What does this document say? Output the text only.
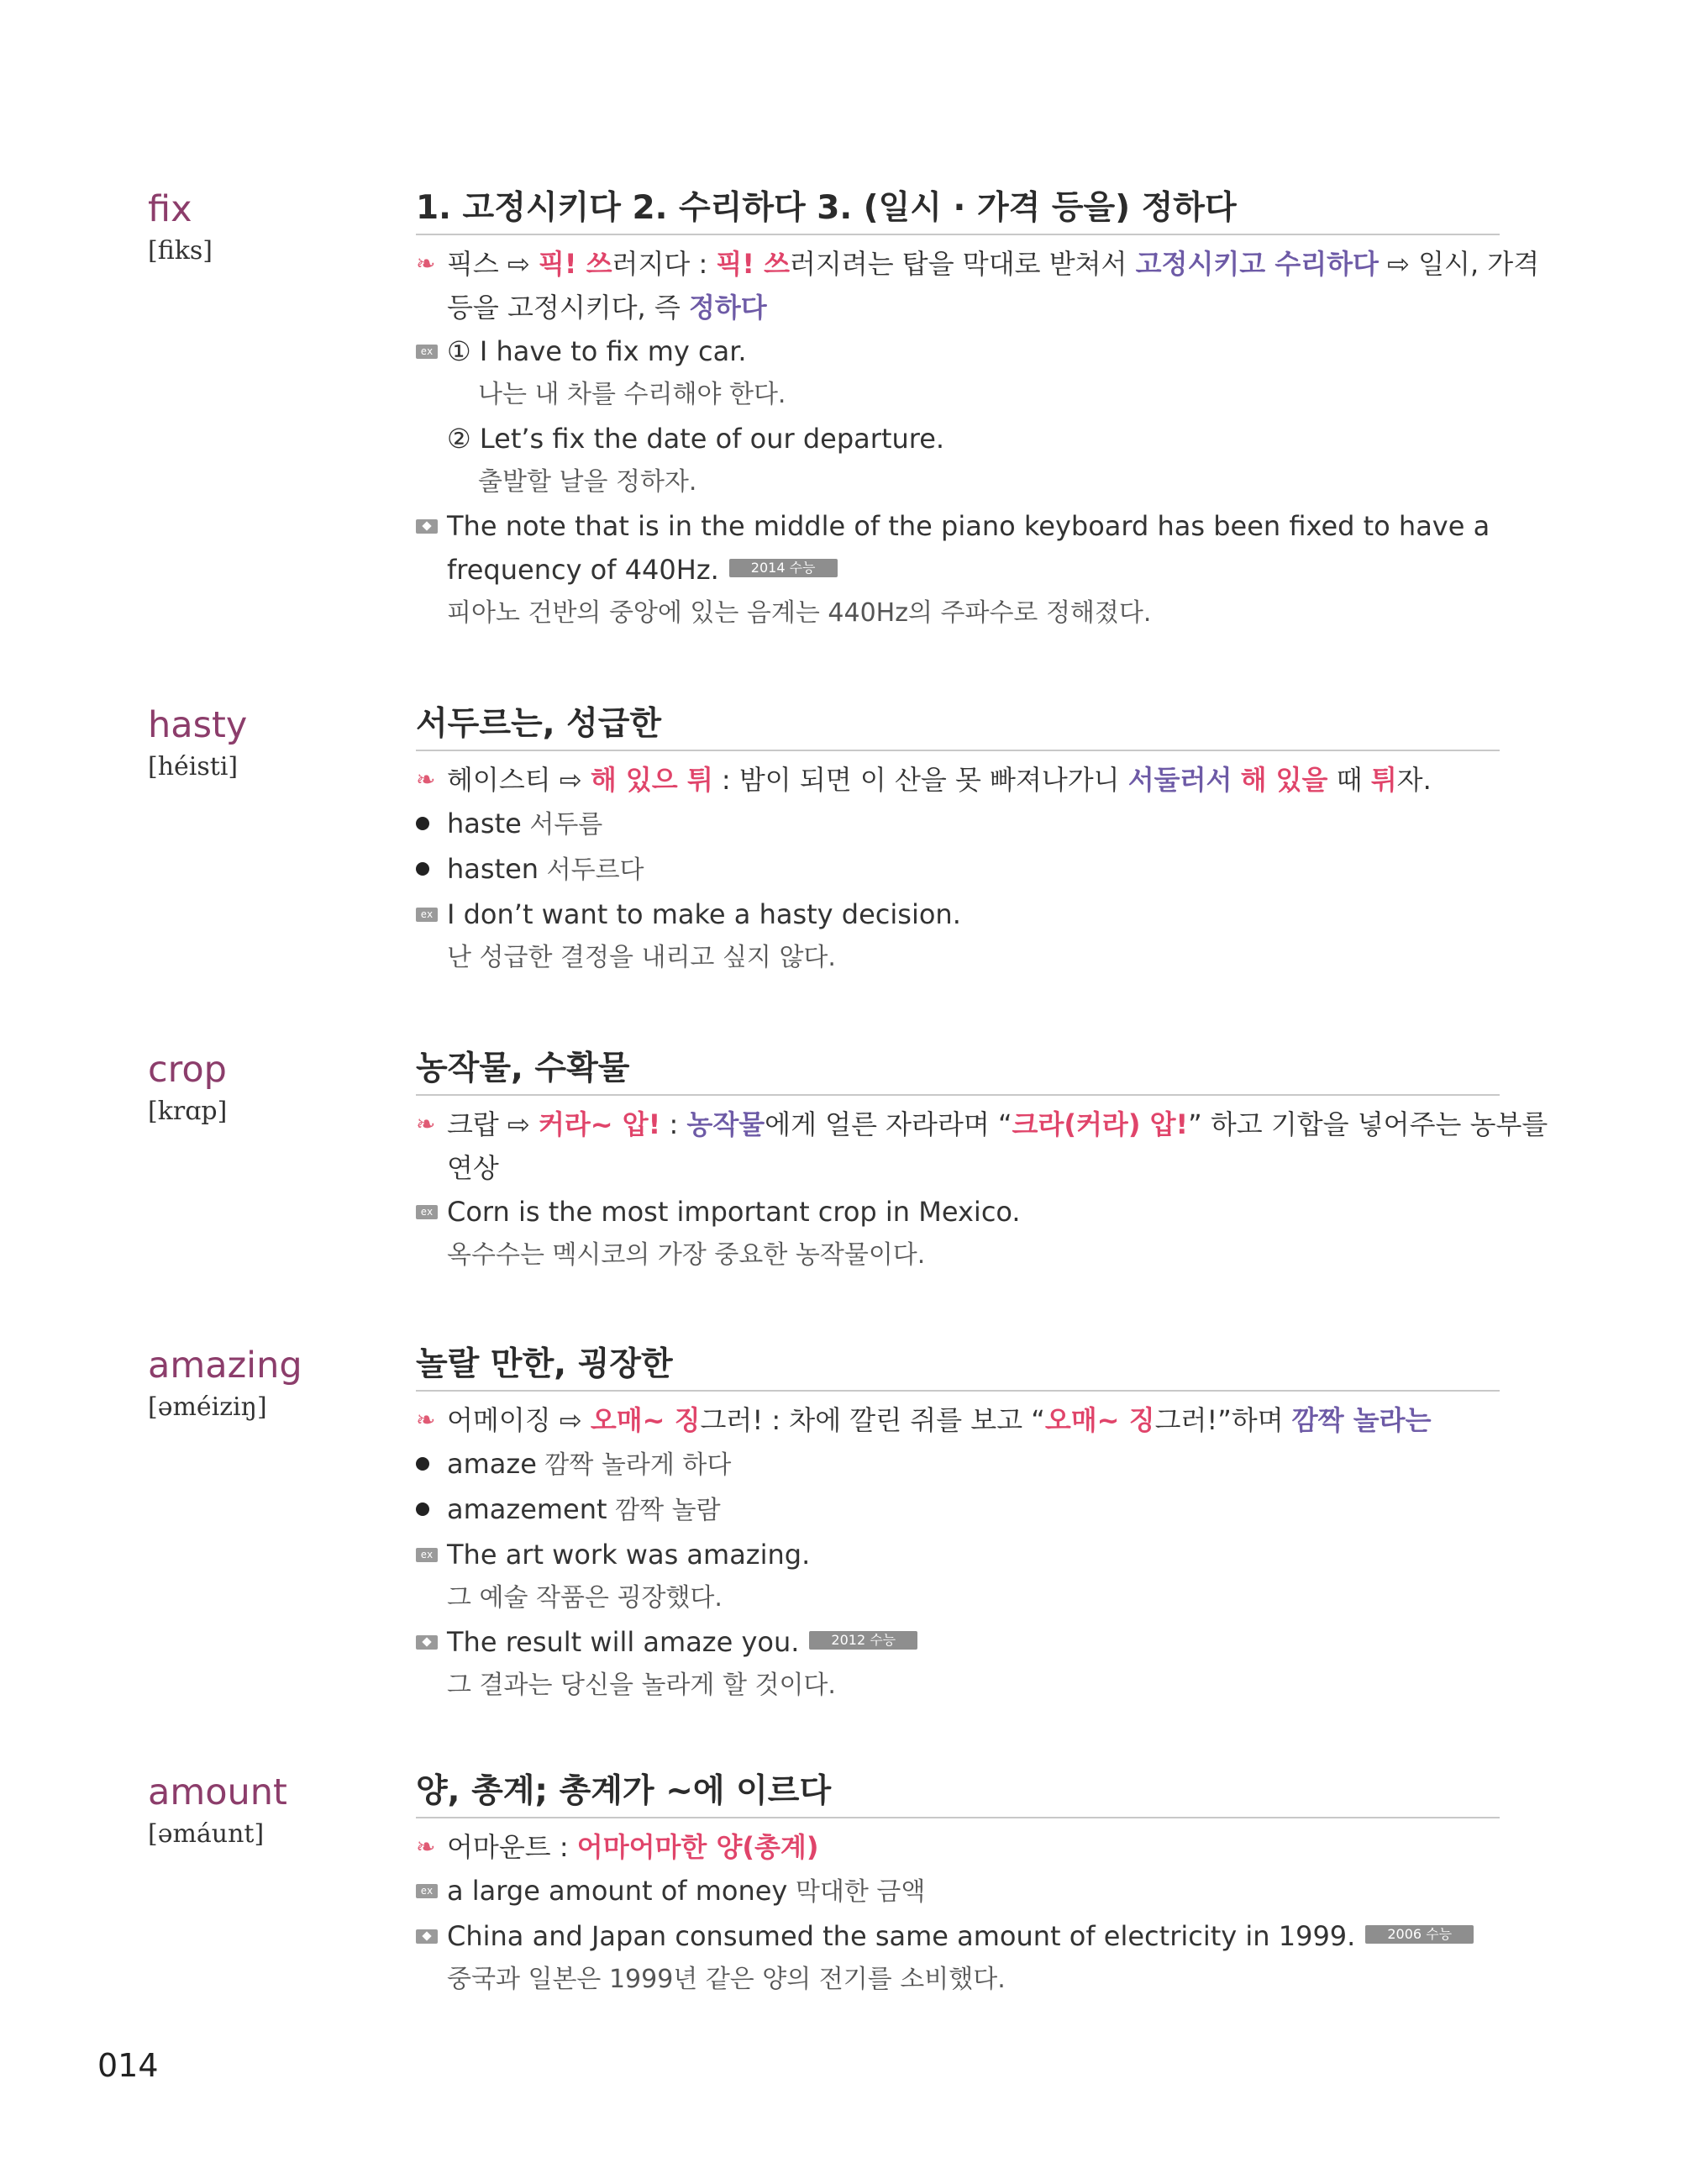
fix
[fiks]
1. 고정시키다 2. 수리하다 3. (일시 · 가격 등을) 정하다
❧ 픽스 ⇨ 픽! 쓰러지다 : 픽! 쓰러지려는 탑을 막대로 받쳐서 고정시키고 수리하다 ⇨ 일시, 가격
등을 고정시키다, 즉 정하다
ex ① I have to fix my car.
나는 내 차를 수리해야 한다.
② Let’s fix the date of our departure.
출발할 날을 정하자.
The note that is in the middle of the piano keyboard has been fixed to have a
frequency of 440Hz. 2014 수능
피아노 건반의 중앙에 있는 음계는 440Hz의 주파수로 정해졌다.
hasty
[héisti]
서두르는, 성급한
❧ 헤이스티 ⇨ 해 있으 튀 : 밤이 되면 이 산을 못 빠져나가니 서둘러서 해 있을 때 튀자.
haste 서두름
hasten 서두르다
ex I don’t want to make a hasty decision.
난 성급한 결정을 내리고 싶지 않다.
crop
[krɑp]
농작물, 수확물
❧ 크랍 ⇨ 커라~ 압! : 농작물에게 얼른 자라라며 “크라(커라) 압!” 하고 기합을 넣어주는 농부를
연상
ex Corn is the most important crop in Mexico.
옥수수는 멕시코의 가장 중요한 농작물이다.
amazing
[əméiziŋ]
놀랄 만한, 굉장한
❧ 어메이징 ⇨ 오매~ 징그러! : 차에 깔린 쥐를 보고 “오매~ 징그러!”하며 깜짝 놀라는
amaze 깜짝 놀라게 하다
amazement 깜짝 놀람
ex The art work was amazing.
그 예술 작품은 굉장했다.
The result will amaze you. 2012 수능
그 결과는 당신을 놀라게 할 것이다.
amount
[əmáunt]
양, 총계; 총계가 ~에 이르다
❧ 어마운트 : 어마어마한 양(총계)
ex a large amount of money 막대한 금액
China and Japan consumed the same amount of electricity in 1999. 2006 수능
중국과 일본은 1999년 같은 양의 전기를 소비했다.
014
